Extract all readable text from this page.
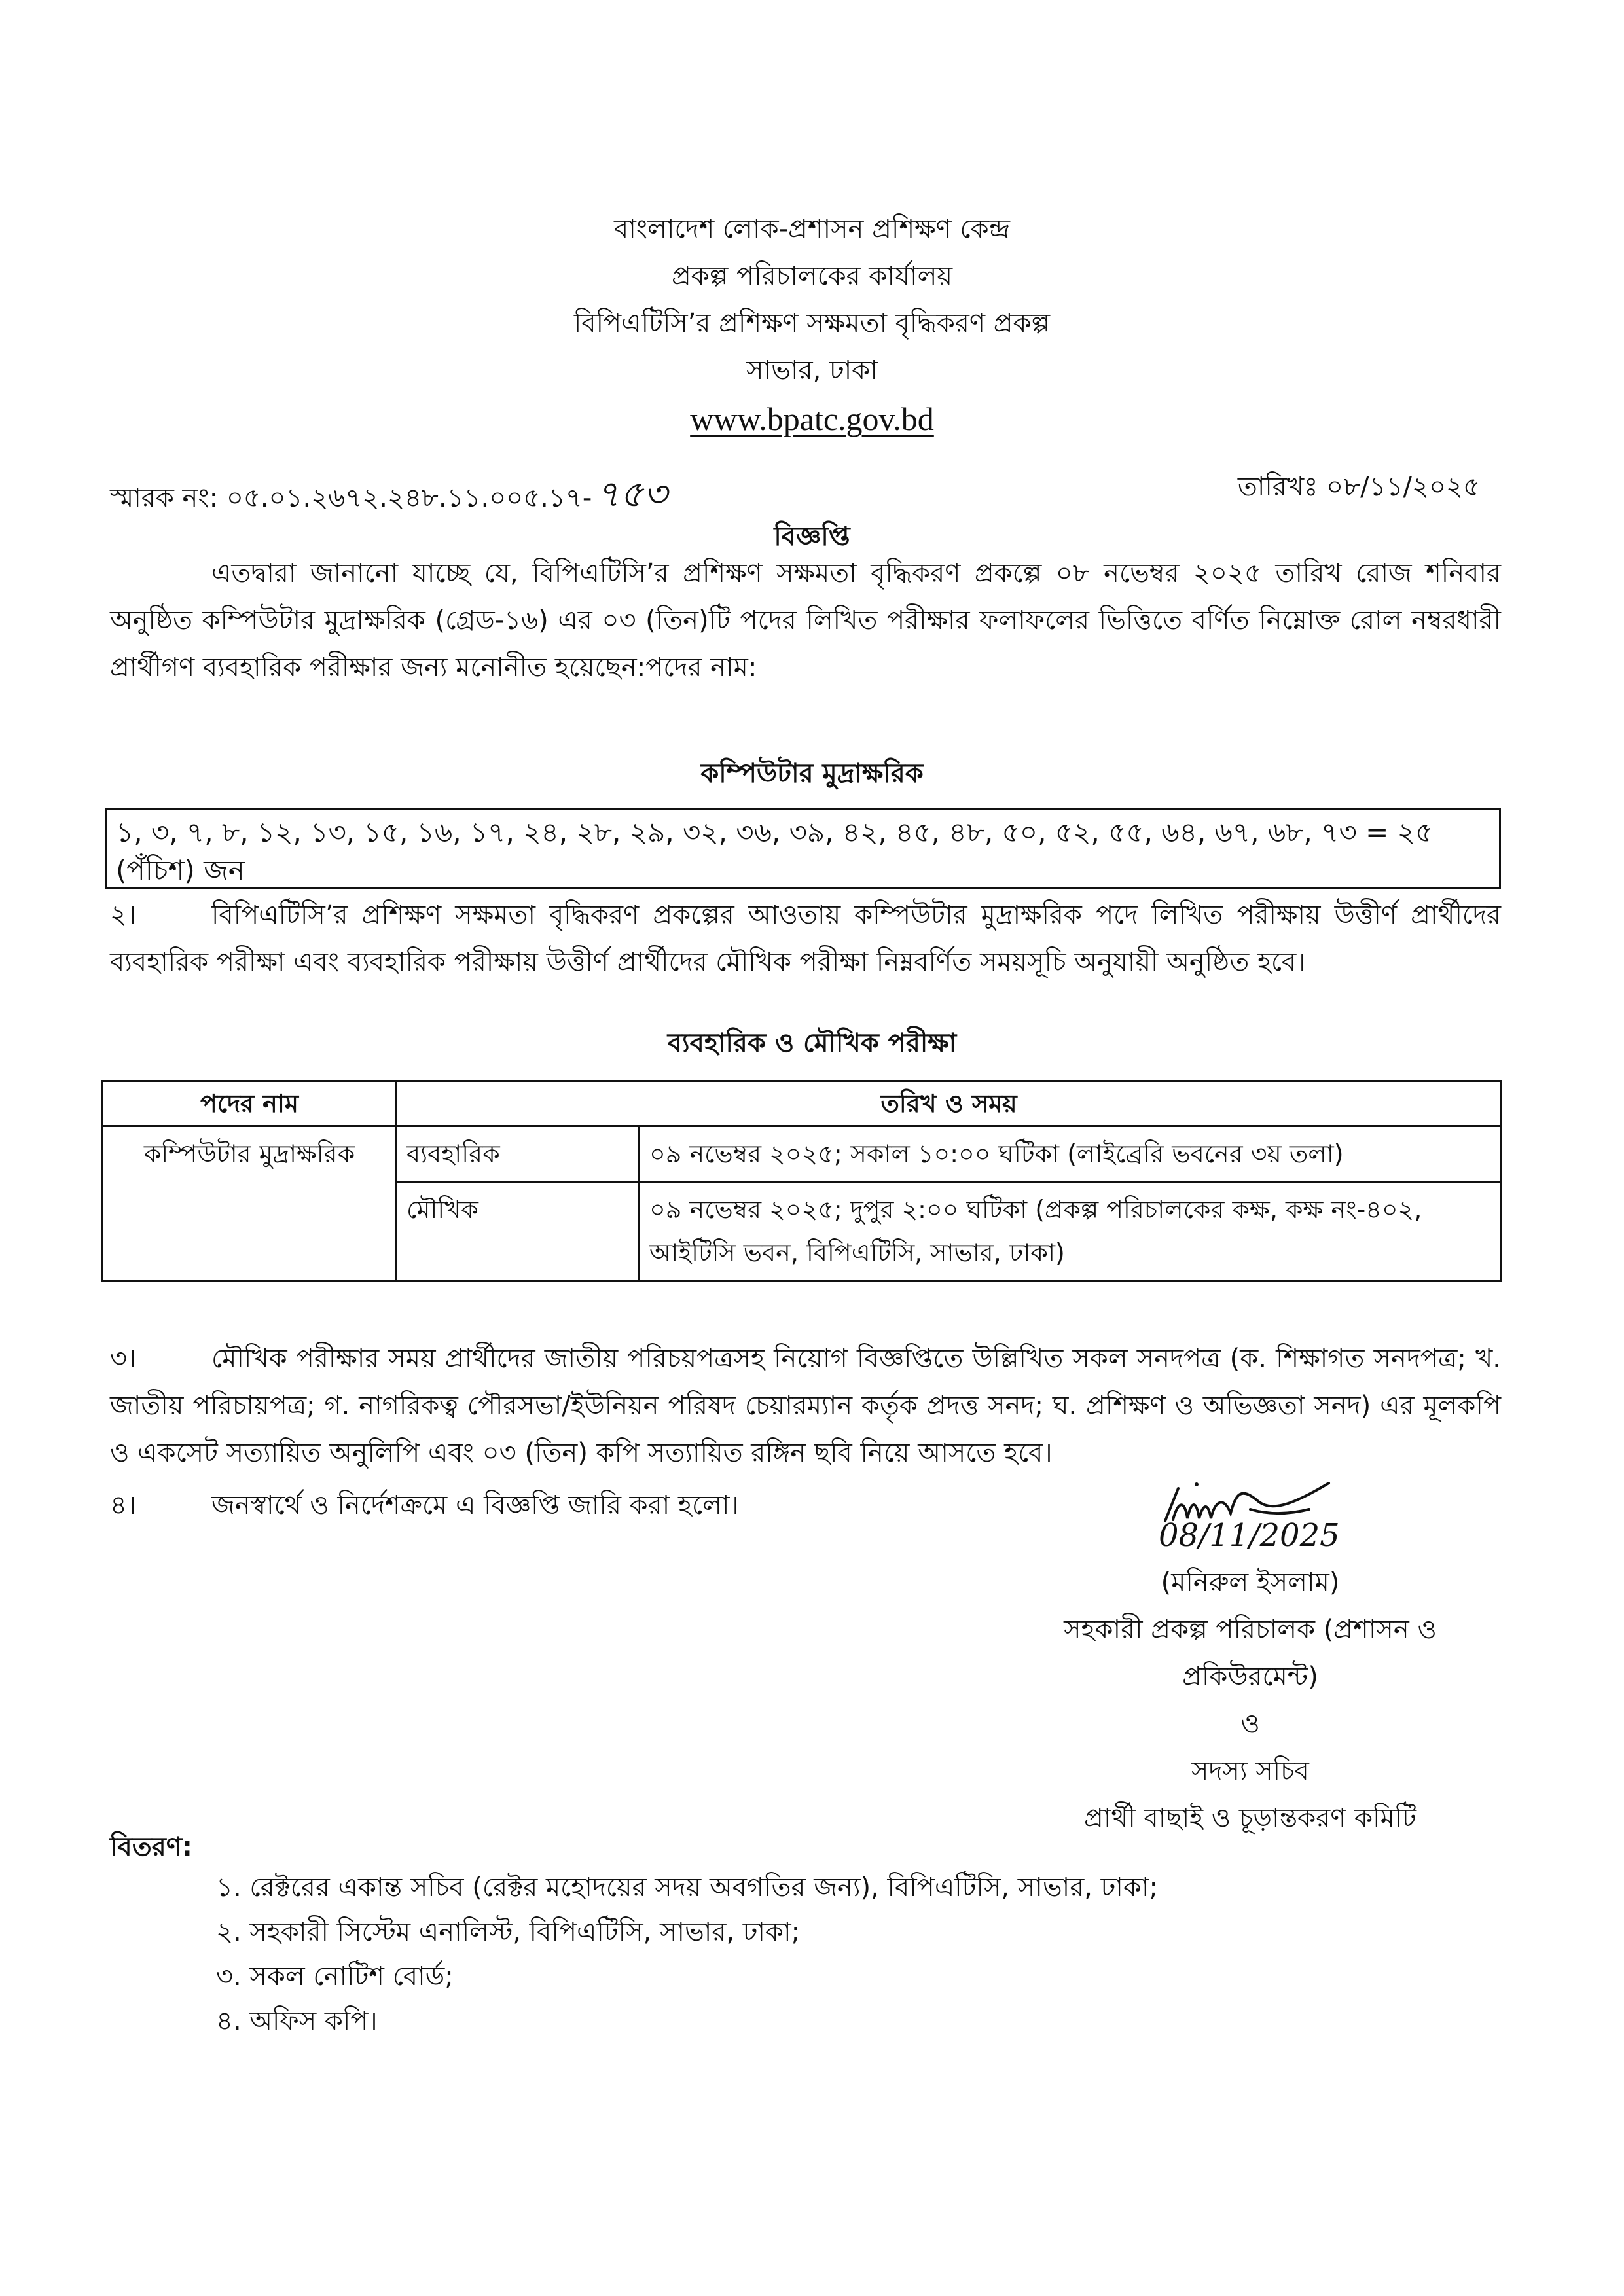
বাংলাদেশ লোক-প্রশাসন প্রশিক্ষণ কেন্দ্র
প্রকল্প পরিচালকের কার্যালয়
বিপিএটিসি’র প্রশিক্ষণ সক্ষমতা বৃদ্ধিকরণ প্রকল্প
সাভার, ঢাকা
www.bpatc.gov.bd
স্মারক নং: ০৫.০১.২৬৭২.২৪৮.১১.০০৫.১৭- ৭৫৩	তারিখঃ ০৮/১১/২০২৫
বিজ্ঞপ্তি
এতদ্বারা জানানো যাচ্ছে যে, বিপিএটিসি’র প্রশিক্ষণ সক্ষমতা বৃদ্ধিকরণ প্রকল্পে ০৮ নভেম্বর ২০২৫ তারিখ রোজ শনিবার অনুষ্ঠিত কম্পিউটার মুদ্রাক্ষরিক (গ্রেড-১৬) এর ০৩ (তিন)টি পদের লিখিত পরীক্ষার ফলাফলের ভিত্তিতে বর্ণিত নিম্নোক্ত রোল নম্বরধারী প্রার্থীগণ ব্যবহারিক পরীক্ষার জন্য মনোনীত হয়েছেন:পদের নাম:
কম্পিউটার মুদ্রাক্ষরিক
১, ৩, ৭, ৮, ১২, ১৩, ১৫, ১৬, ১৭, ২৪, ২৮, ২৯, ৩২, ৩৬, ৩৯, ৪২, ৪৫, ৪৮, ৫০, ৫২, ৫৫, ৬৪, ৬৭, ৬৮, ৭৩ = ২৫ (পঁচিশ) জন
২।	বিপিএটিসি’র প্রশিক্ষণ সক্ষমতা বৃদ্ধিকরণ প্রকল্পের আওতায় কম্পিউটার মুদ্রাক্ষরিক পদে লিখিত পরীক্ষায় উত্তীর্ণ প্রার্থীদের ব্যবহারিক পরীক্ষা এবং ব্যবহারিক পরীক্ষায় উত্তীর্ণ প্রার্থীদের মৌখিক পরীক্ষা নিম্নবর্ণিত সময়সূচি অনুযায়ী অনুষ্ঠিত হবে।
ব্যবহারিক ও মৌখিক পরীক্ষা
পদের নাম	তরিখ ও সময়	
কম্পিউটার মুদ্রাক্ষরিক	ব্যবহারিক	০৯ নভেম্বর ২০২৫; সকাল ১০:০০ ঘটিকা (লাইব্রেরি ভবনের ৩য় তলা)
	মৌখিক	০৯ নভেম্বর ২০২৫; দুপুর ২:০০ ঘটিকা (প্রকল্প পরিচালকের কক্ষ, কক্ষ নং-৪০২, আইটিসি ভবন, বিপিএটিসি, সাভার, ঢাকা)
৩।	মৌখিক পরীক্ষার সময় প্রার্থীদের জাতীয় পরিচয়পত্রসহ নিয়োগ বিজ্ঞপ্তিতে উল্লিখিত সকল সনদপত্র (ক. শিক্ষাগত সনদপত্র; খ. জাতীয় পরিচায়পত্র; গ. নাগরিকত্ব পৌরসভা/ইউনিয়ন পরিষদ চেয়ারম্যান কর্তৃক প্রদত্ত সনদ; ঘ. প্রশিক্ষণ ও অভিজ্ঞতা সনদ) এর মূলকপি ও একসেট সত্যায়িত অনুলিপি এবং ০৩ (তিন) কপি সত্যায়িত রঙ্গিন ছবি নিয়ে আসতে হবে।
৪।	জনস্বার্থে ও নির্দেশক্রমে এ বিজ্ঞপ্তি জারি করা হলো।
08/11/2025
(মনিরুল ইসলাম)
সহকারী প্রকল্প পরিচালক (প্রশাসন ও
প্রকিউরমেন্ট)
ও
সদস্য সচিব
প্রার্থী বাছাই ও চূড়ান্তকরণ কমিটি
বিতরণ:
১. রেক্টরের একান্ত সচিব (রেক্টর মহোদয়ের সদয় অবগতির জন্য), বিপিএটিসি, সাভার, ঢাকা;
২. সহকারী সিস্টেম এনালিস্ট, বিপিএটিসি, সাভার, ঢাকা;
৩. সকল নোটিশ বোর্ড;
৪. অফিস কপি।
